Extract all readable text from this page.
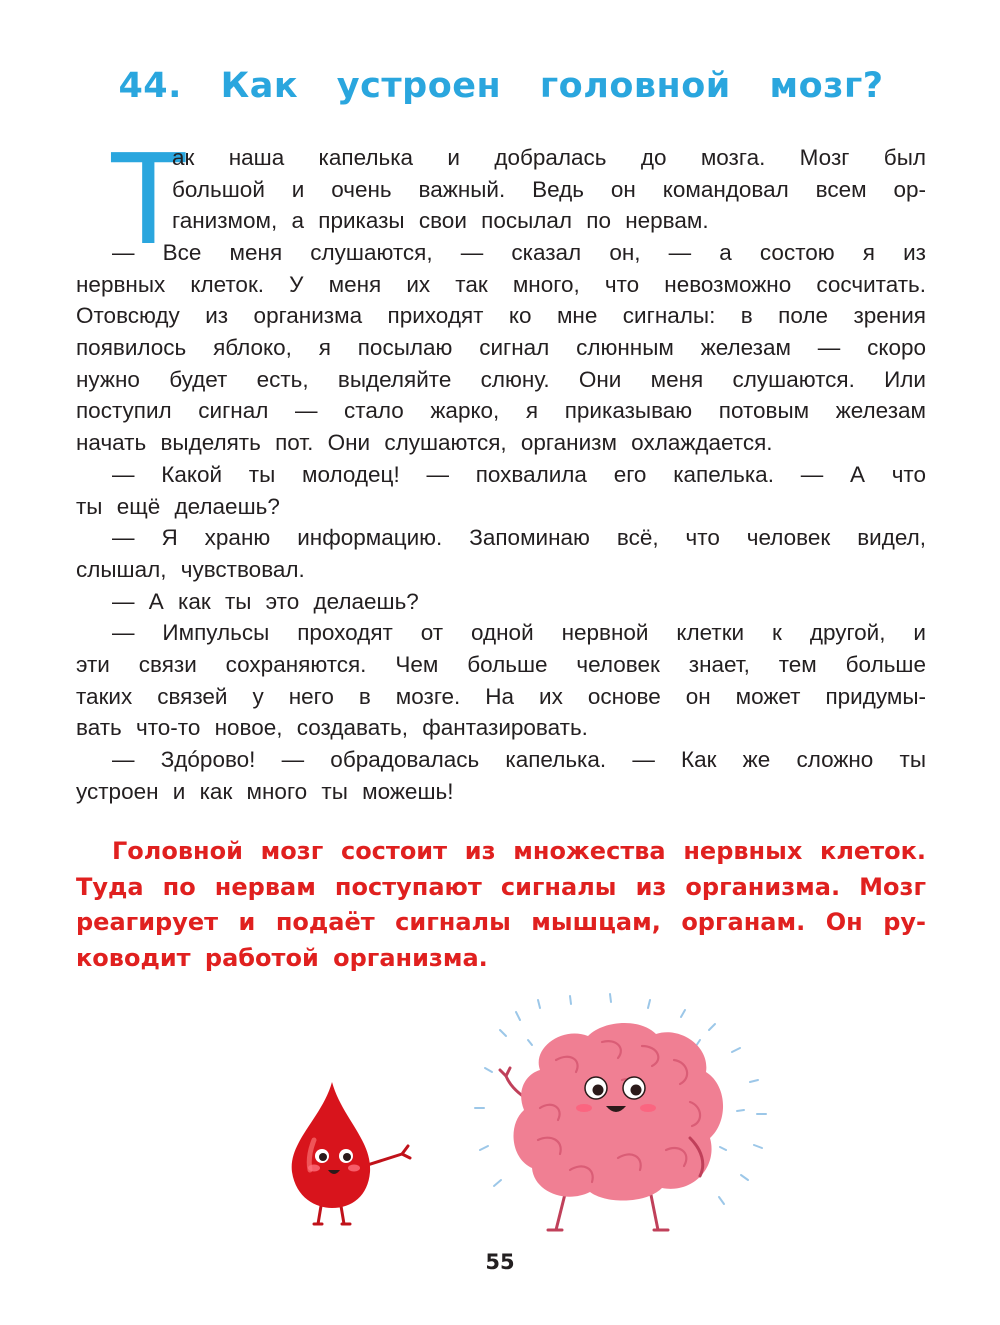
44. Как устроен головной мозг?
Т
ак наша капелька и добралась до мозга. Мозг был
большой и очень важный. Ведь он командовал всем ор-
ганизмом, а приказы свои посылал по нервам.
— Все меня слушаются, — сказал он, — а состою я из
нервных клеток. У меня их так много, что невозможно сосчитать.
Отовсюду из организма приходят ко мне сигналы: в поле зрения
появилось яблоко, я посылаю сигнал слюнным железам — скоро
нужно будет есть, выделяйте слюну. Они меня слушаются. Или
поступил сигнал — стало жарко, я приказываю потовым железам
начать выделять пот. Они слушаются, организм охлаждается.
— Какой ты молодец! — похвалила его капелька. — А что
ты ещё делаешь?
— Я храню информацию. Запоминаю всё, что человек видел,
слышал, чувствовал.
— А как ты это делаешь?
— Импульсы проходят от одной нервной клетки к другой, и
эти связи сохраняются. Чем больше человек знает, тем больше
таких связей у него в мозге. На их основе он может придумы-
вать что-то новое, создавать, фантазировать.
— Здóрово! — обрадовалась капелька. — Как же сложно ты
устроен и как много ты можешь!
Головной мозг состоит из множества нервных клеток.
Туда по нервам поступают сигналы из организма. Мозг
реагирует и подаёт сигналы мышцам, органам. Он ру-
ководит работой организма.
55
